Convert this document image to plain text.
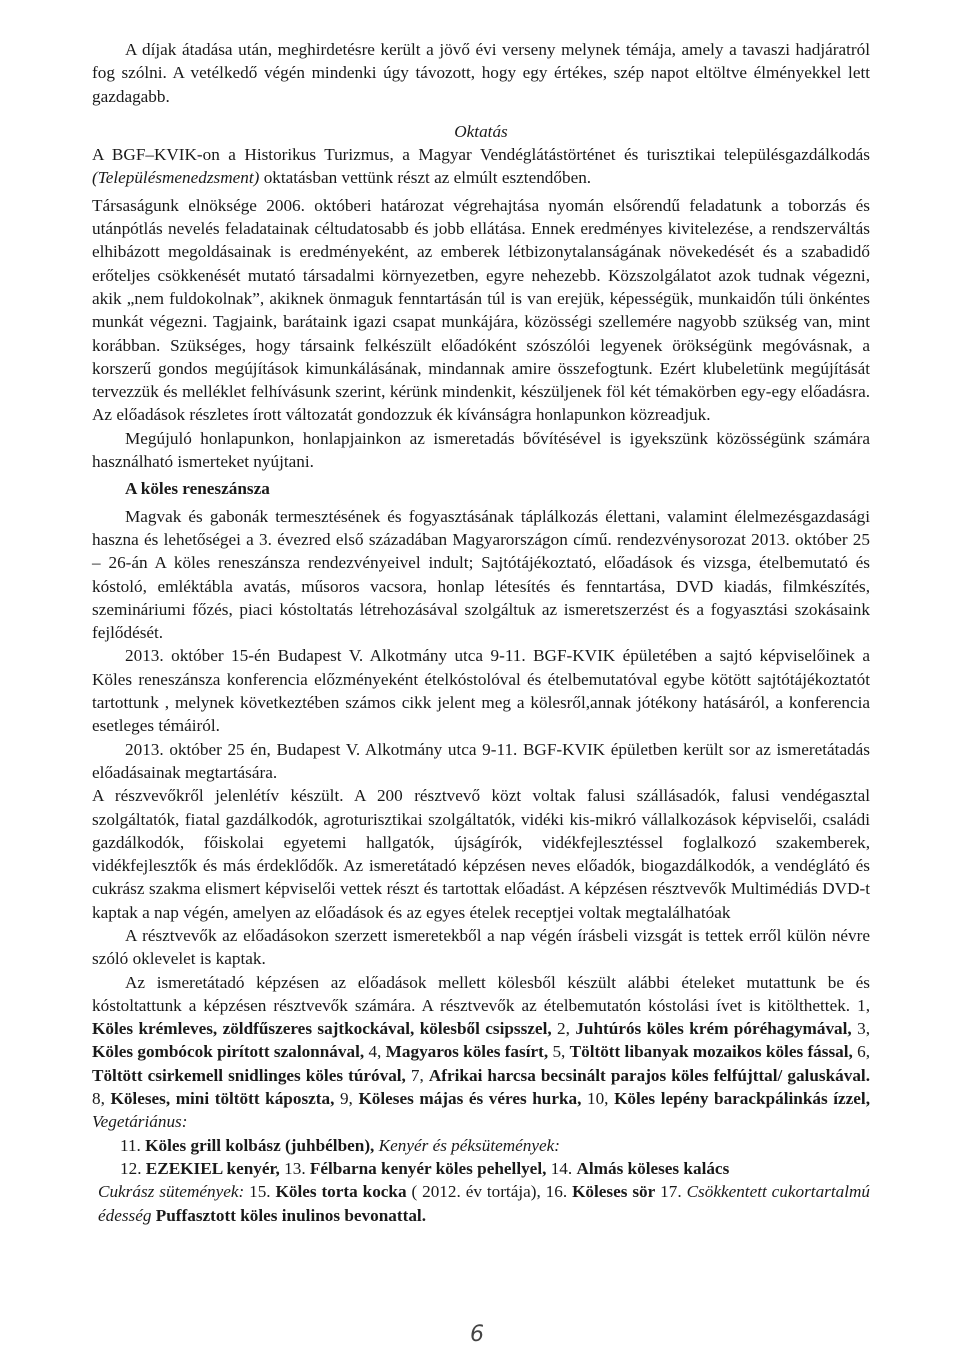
A díjak átadása után, meghirdetésre került a jövő évi verseny melynek témája, amely a tavaszi hadjáratról fog szólni. A vetélkedő végén mindenki úgy távozott, hogy egy értékes, szép napot eltöltve élményekkel lett gazdagabb.

Oktatás

A BGF–KVIK-on a Historikus Turizmus, a Magyar Vendéglátástörténet és turisztikai településgazdálkodás (Településmenedzsment) oktatásban vettünk részt az elmúlt esztendőben.

Társaságunk elnöksége 2006. októberi határozat végrehajtása nyomán elsőrendű feladatunk a toborzás és utánpótlás nevelés feladatainak céltudatosabb és jobb ellátása. Ennek eredményes kivitelezése, a rendszerváltás elhibázott megoldásainak is eredményeként, az emberek létbizonytalanságának növekedését és a szabadidő erőteljes csökkenését mutató társadalmi környezetben, egyre nehezebb. Közszolgálatot azok tudnak végezni, akik „nem fuldokolnak”, akiknek önmaguk fenntartásán túl is van erejük, képességük, munkaidőn túli önkéntes munkát végezni. Tagjaink, barátaink igazi csapat munkájára, közösségi szellemére nagyobb szükség van, mint korábban. Szükséges, hogy társaink felkészült előadóként szószólói legyenek örökségünk megóvásnak, a korszerű gondos megújítások kimunkálásának, mindannak amire összefogtunk. Ezért klubeletünk megújítását tervezzük és melléklet felhívásunk szerint, kérünk mindenkit, készüljenek föl két témakörben egy-egy előadásra. Az előadások részletes írott változatát gondozzuk ék kívánságra honlapunkon közreadjuk.

Megújuló honlapunkon, honlapjainkon az ismeretadás bővítésével is igyekszünk közösségünk számára használható ismerteket nyújtani.

A köles reneszánsza

Magvak és gabonák termesztésének és fogyasztásának táplálkozás élettani, valamint élelmezésgazdasági haszna és lehetőségei a 3. évezred első századában Magyarországon című. rendezvénysorozat 2013. október 25 – 26-án A köles reneszánsza rendezvényeivel indult; Sajtótájékoztató, előadások és vizsga, ételbemutató és kóstoló, emléktábla avatás, műsoros vacsora, honlap létesítés és fenntartása, DVD kiadás, filmkészítés, szemináriumi főzés, piaci kóstoltatás létrehozásával szolgáltuk az ismeretszerzést és a fogyasztási szokásaink fejlődését.

2013. október 15-én Budapest V. Alkotmány utca 9-11. BGF-KVIK épületében a sajtó képviselőinek a Köles reneszánsza konferencia előzményeként ételkóstolóval és ételbemutatóval egybe kötött sajtótájékoztatót tartottunk , melynek következtében számos cikk jelent meg a kölesről,annak jótékony hatásáról, a konferencia esetleges témáiról.

2013. október 25 én, Budapest V. Alkotmány utca 9-11. BGF-KVIK épületben került sor az ismeretátadás előadásainak megtartására.

A részvevőkről jelenlétív készült. A 200 résztvevő közt voltak falusi szállásadók, falusi vendégasztal szolgáltatók, fiatal gazdálkodók, agroturisztikai szolgáltatók, vidéki kis-mikró vállalkozások képviselői, családi gazdálkodók, főiskolai egyetemi hallgatók, újságírók, vidékfejlesztéssel foglalkozó szakemberek, vidékfejlesztők és más érdeklődők. Az ismeretátadó képzésen neves előadók, biogazdálkodók, a vendéglátó és cukrász szakma elismert képviselői vettek részt és tartottak előadást. A képzésen résztvevők Multimédiás DVD-t kaptak a nap végén, amelyen az előadások és az egyes ételek receptjei voltak megtalálhatóak

A résztvevők az előadásokon szerzett ismeretekből a nap végén írásbeli vizsgát is tettek erről külön névre szóló oklevelet is kaptak.

Az ismeretátadó képzésen az előadások mellett kölesből készült alábbi ételeket mutattunk be és kóstoltattunk a képzésen résztvevők számára. A résztvevők az ételbemutatón kóstolási ívet is kitölthettek. 1, Köles krémleves, zöldfűszeres sajtkockával, kölesből csipsszel, 2, Juhtúrós köles krém póréhagymával, 3, Köles gombócok pirított szalonnával, 4, Magyaros köles fasírt, 5, Töltött libanyak mozaikos köles fással, 6, Töltött csirkemell snidlinges köles túróval, 7, Afrikai harcsa becsinált parajos köles felfújttal/ galuskával. 8, Köleses, mini töltött káposzta, 9, Köleses májas és véres hurka, 10, Köles lepény barackpálinkás ízzel, Vegetáriánus:

11. Köles grill kolbász (juhbélben), Kenyér és péksütemények:

12. EZEKIEL kenyér, 13. Félbarna kenyér köles pehellyel, 14. Almás köleses kalács

Cukrász sütemények: 15. Köles torta kocka ( 2012. év tortája), 16. Köleses sör 17. Csökkentett cukortartalmú édesség Puffasztott köles inulinos bevonattal.

6
